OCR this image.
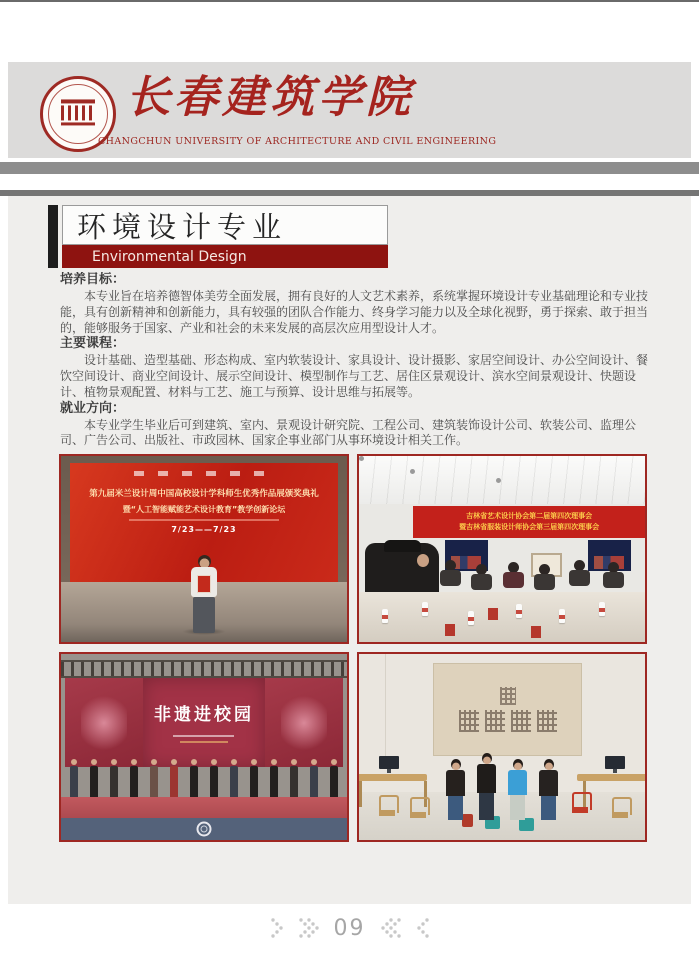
长春建筑学院
CHANGCHUN UNIVERSITY OF ARCHITECTURE AND CIVIL ENGINEERING
环境设计专业
Environmental Design
培养目标：

本专业旨在培养德智体美劳全面发展，拥有良好的人文艺术素养，系统掌握环境设计专业基础理论和专业技能，具有创新精神和创新能力，具有较强的团队合作能力、终身学习能力以及全球化视野，勇于探索、敢于担当的，能够服务于国家、产业和社会的未来发展的高层次应用型设计人才。

主要课程：

设计基础、造型基础、形态构成、室内软装设计、家具设计、设计摄影、家居空间设计、办公空间设计、餐饮空间设计、商业空间设计、展示空间设计、模型制作与工艺、居住区景观设计、滨水空间景观设计、快题设计、植物景观配置、材料与工艺、施工与预算、设计思维与拓展等。

就业方向：

本专业学生毕业后可到建筑、室内、景观设计研究院、工程公司、建筑装饰设计公司、软装公司、监理公司、广告公司、出版社、市政园林、国家企事业部门从事环境设计相关工作。

第九届米兰设计周中国高校设计学科师生优秀作品展颁奖典礼
暨“人工智能赋能艺术设计教育”教学创新论坛
7/23——7/23
吉林省艺术设计协会第二届第四次理事会
暨吉林省服装设计师协会第三届第四次理事会
非遗进校园
09
